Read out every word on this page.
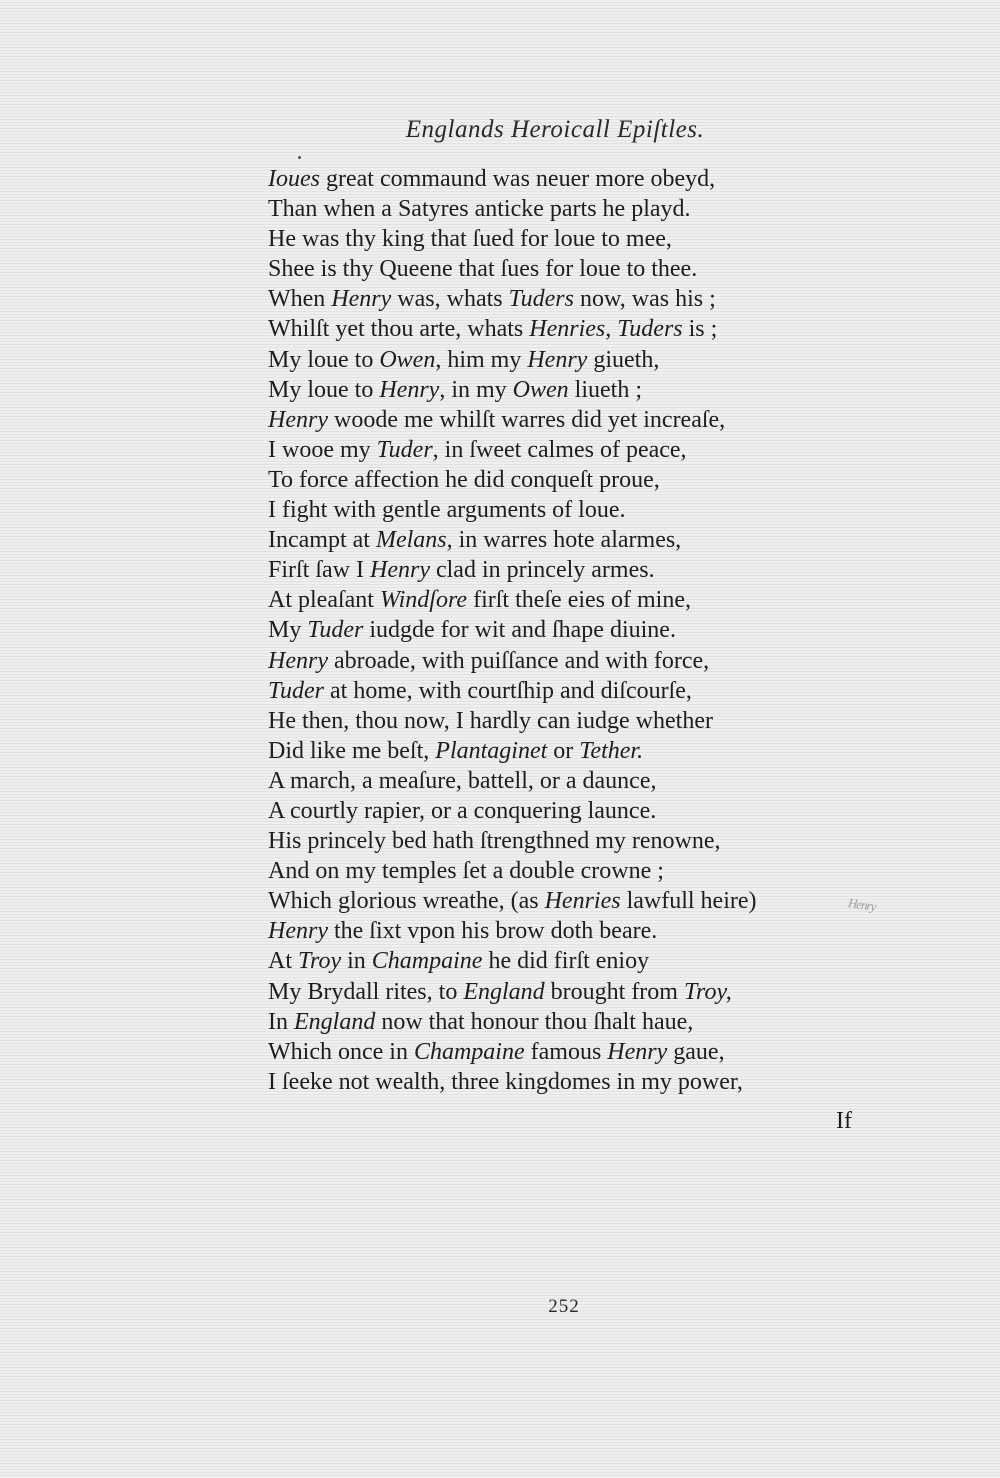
Englands Heroicall Epiſtles.
Ioues great commaund was neuer more obeyd,
Than when a Satyres anticke parts he playd.
He was thy king that ſued for loue to mee,
Shee is thy Queene that ſues for loue to thee.
When Henry was, whats Tuders now, was his ;
Whilſt yet thou arte, whats Henries, Tuders is ;
My loue to Owen, him my Henry giueth,
My loue to Henry, in my Owen liueth ;
Henry woode me whilſt warres did yet increaſe,
I wooe my Tuder, in ſweet calmes of peace,
To force affection he did conqueſt proue,
I fight with gentle arguments of loue.
Incampt at Melans, in warres hote alarmes,
Firſt ſaw I Henry clad in princely armes.
At pleaſant Windſore firſt theſe eies of mine,
My Tuder iudgde for wit and ſhape diuine.
Henry abroade, with puiſſance and with force,
Tuder at home, with courtſhip and diſcourſe,
He then, thou now, I hardly can iudge whether
Did like me beſt, Plantaginet or Tether.
A march, a meaſure, battell, or a daunce,
A courtly rapier, or a conquering launce.
His princely bed hath ſtrengthned my renowne,
And on my temples ſet a double crowne ;
Which glorious wreathe, (as Henries lawfull heire)
Henry the ſixt vpon his brow doth beare.
At Troy in Champaine he did firſt enioy
My Brydall rites, to England brought from Troy,
In England now that honour thou ſhalt haue,
Which once in Champaine famous Henry gaue,
I ſeeke not wealth, three kingdomes in my power,
Henry
If
252
